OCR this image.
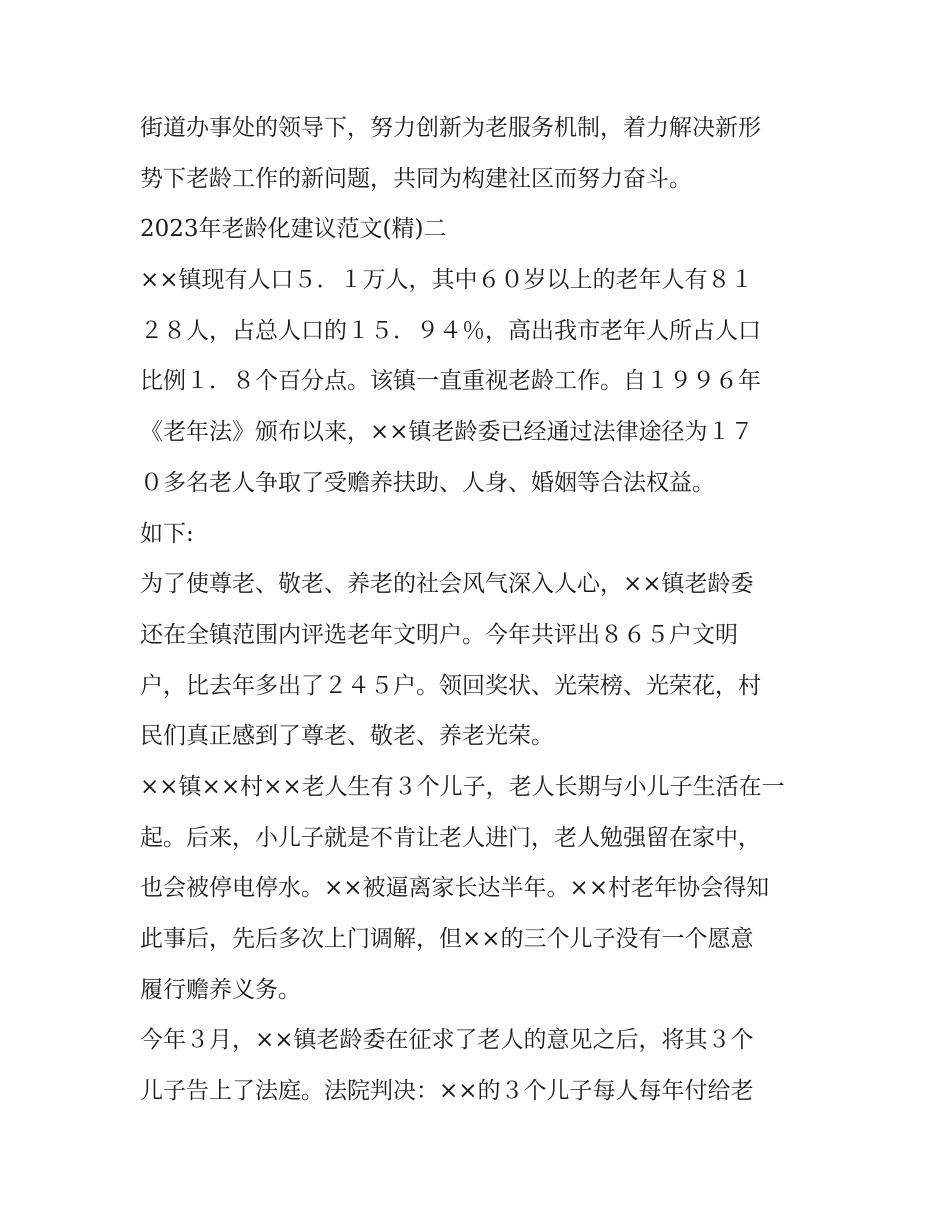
街道办事处的领导下，努力创新为老服务机制，着力解决新形
势下老龄工作的新问题，共同为构建社区而努力奋斗。
2023年老龄化建议范文(精)二
××镇现有人口５．１万人，其中６０岁以上的老年人有８１
２８人，占总人口的１５．９４％，高出我市老年人所占人口
比例１．８个百分点。该镇一直重视老龄工作。自１９９６年
《老年法》颁布以来，××镇老龄委已经通过法律途径为１７
０多名老人争取了受赡养扶助、人身、婚姻等合法权益。
如下:
为了使尊老、敬老、养老的社会风气深入人心，××镇老龄委
还在全镇范围内评选老年文明户。今年共评出８６５户文明
户，比去年多出了２４５户。领回奖状、光荣榜、光荣花，村
民们真正感到了尊老、敬老、养老光荣。
××镇××村××老人生有３个儿子，老人长期与小儿子生活在一
起。后来，小儿子就是不肯让老人进门，老人勉强留在家中，
也会被停电停水。××被逼离家长达半年。××村老年协会得知
此事后，先后多次上门调解，但××的三个儿子没有一个愿意
履行赡养义务。
今年３月，××镇老龄委在征求了老人的意见之后，将其３个
儿子告上了法庭。法院判决：××的３个儿子每人每年付给老
